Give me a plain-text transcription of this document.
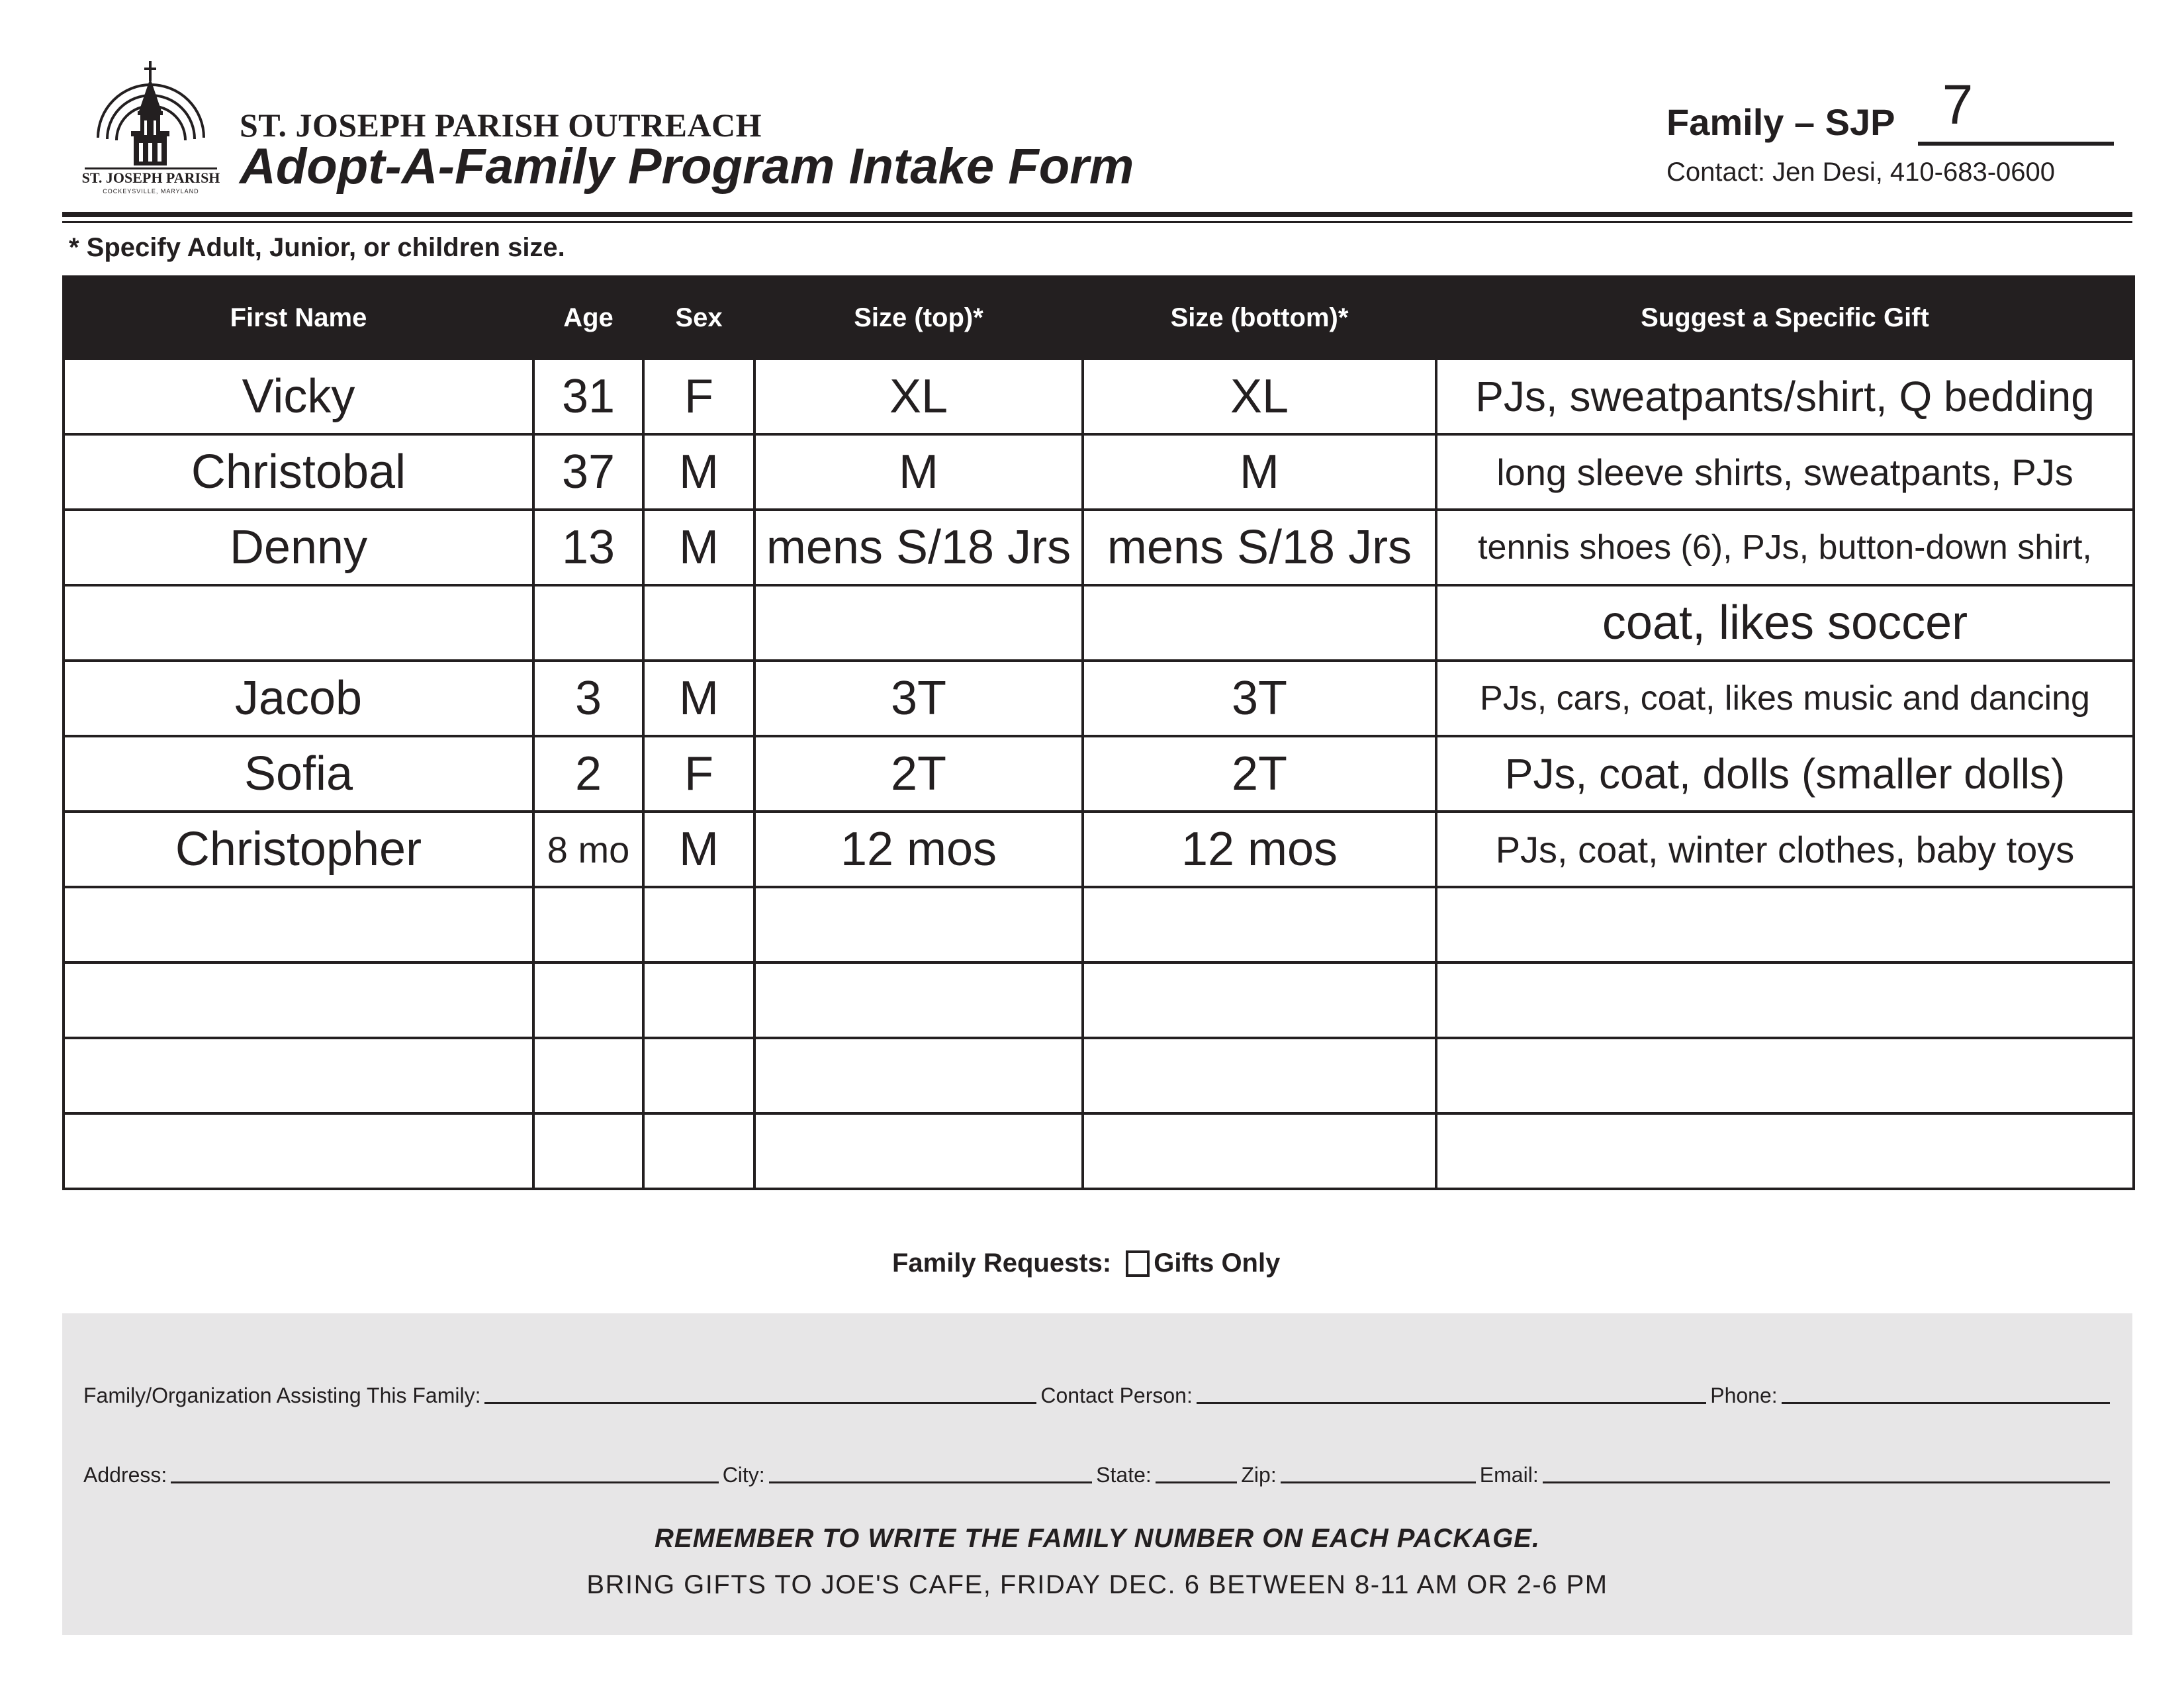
ST. JOSEPH PARISH
COCKEYSVILLE, MARYLAND
ST. JOSEPH PARISH OUTREACH
Adopt-A-Family Program Intake Form
Family – SJP 7
Contact: Jen Desi, 410-683-0600
* Specify Adult, Junior, or children size.
First Name	Age	Sex	Size (top)*	Size (bottom)*	Suggest a Specific Gift
Vicky	31	F	XL	XL	PJs, sweatpants/shirt, Q bedding
Christobal	37	M	M	M	long sleeve shirts, sweatpants, PJs
Denny	13	M	mens S/18 Jrs	mens S/18 Jrs	tennis shoes (6), PJs, button-down shirt,
					coat, likes soccer
Jacob	3	M	3T	3T	PJs, cars, coat, likes music and dancing
Sofia	2	F	2T	2T	PJs, coat, dolls (smaller dolls)
Christopher	8 mo	M	12 mos	12 mos	PJs, coat, winter clothes, baby toys

Family Requests: Gifts Only
Family/Organization Assisting This Family:	Contact Person:	Phone:
Address:	City:	State:	Zip:	Email:
REMEMBER TO WRITE THE FAMILY NUMBER ON EACH PACKAGE.
BRING GIFTS TO JOE'S CAFE, FRIDAY DEC. 6 BETWEEN 8-11 AM OR 2-6 PM
